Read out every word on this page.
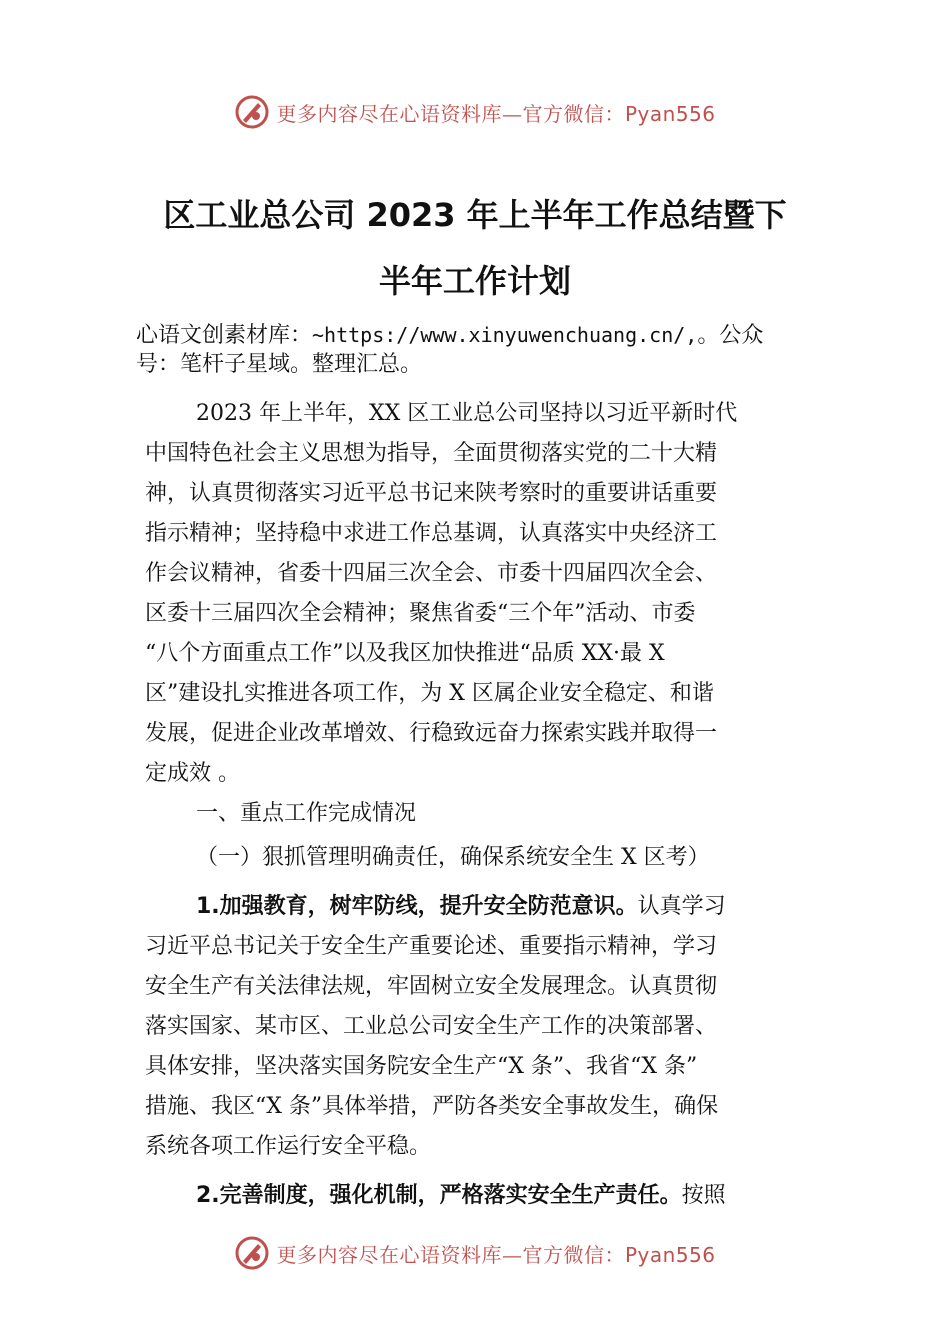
更多内容尽在心语资料库—官方微信：Pyan556
区工业总公司 2023 年上半年工作总结暨下
半年工作计划
心语文创素材库：~https://www.xinyuwenchuang.cn/,。公众
号：笔杆子星域。整理汇总。
2023 年上半年，XX 区工业总公司坚持以习近平新时代
中国特色社会主义思想为指导，全面贯彻落实党的二十大精
神，认真贯彻落实习近平总书记来陕考察时的重要讲话重要
指示精神；坚持稳中求进工作总基调，认真落实中央经济工
作会议精神，省委十四届三次全会、市委十四届四次全会、
区委十三届四次全会精神；聚焦省委“三个年”活动、市委
“八个方面重点工作”以及我区加快推进“品质 XX·最 X
区”建设扎实推进各项工作，为 X 区属企业安全稳定、和谐
发展，促进企业改革增效、行稳致远奋力探索实践并取得一
定成效 。
一、重点工作完成情况
（一）狠抓管理明确责任，确保系统安全生 X 区考）
1.加强教育，树牢防线，提升安全防范意识。认真学习
习近平总书记关于安全生产重要论述、重要指示精神，学习
安全生产有关法律法规，牢固树立安全发展理念。认真贯彻
落实国家、某市区、工业总公司安全生产工作的决策部署、
具体安排，坚决落实国务院安全生产“X 条”、我省“X 条”
措施、我区“X 条”具体举措，严防各类安全事故发生，确保
系统各项工作运行安全平稳。
2.完善制度，强化机制，严格落实安全生产责任。按照
更多内容尽在心语资料库—官方微信：Pyan556
